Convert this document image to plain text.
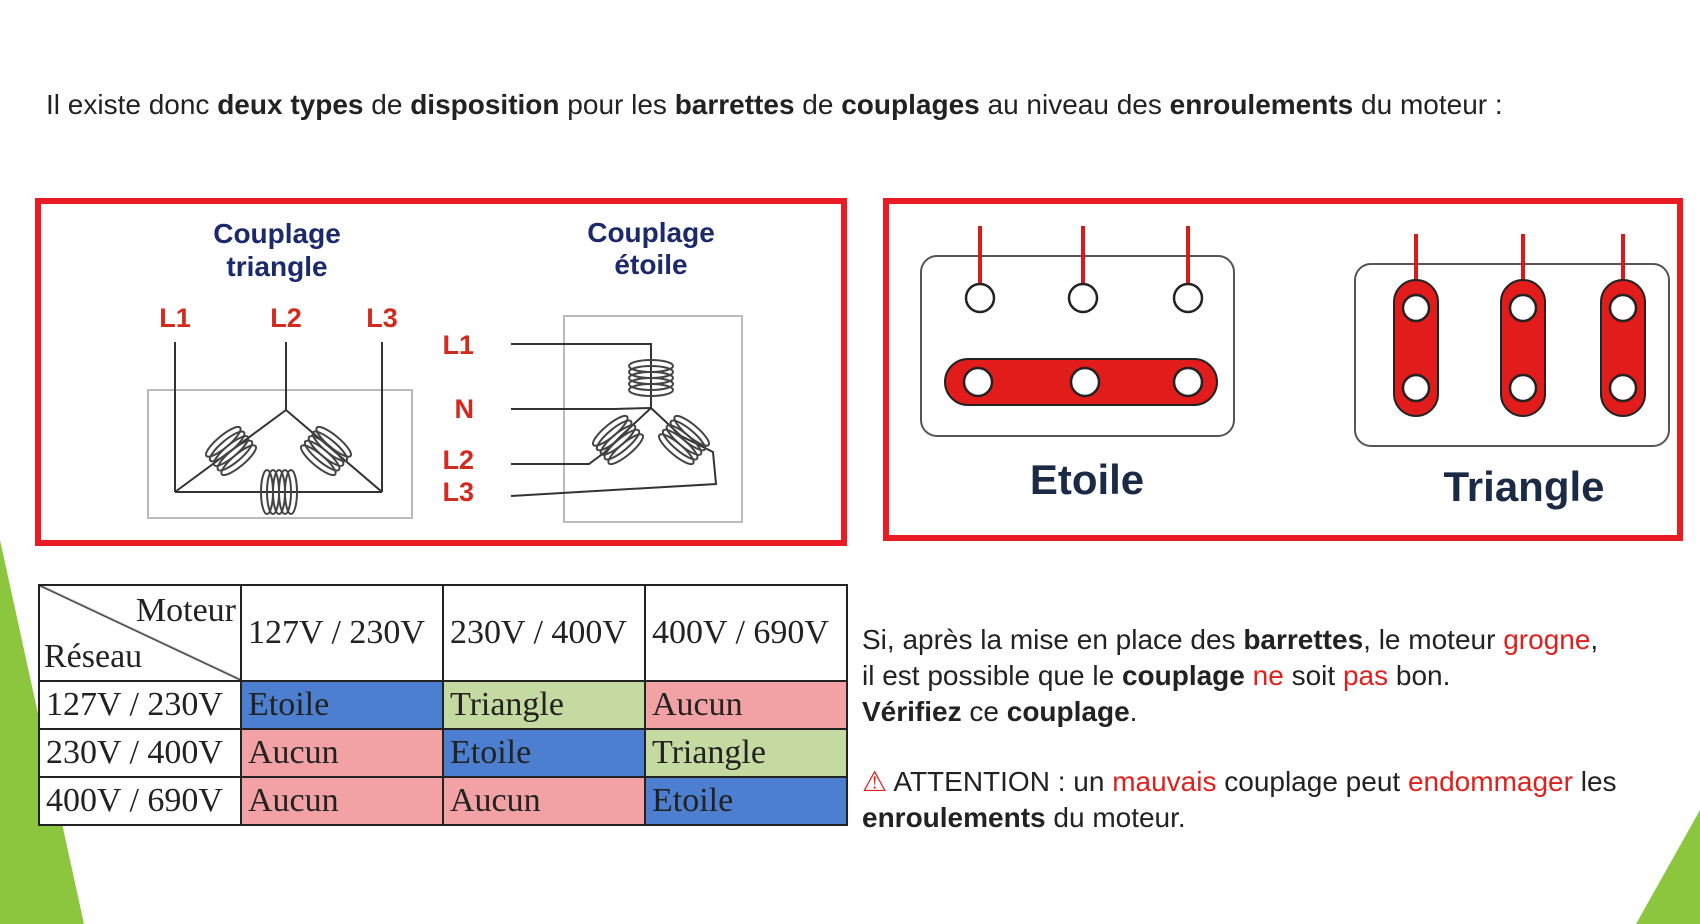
Il existe donc deux types de disposition pour les barrettes de couplages au niveau des enroulements du moteur :
Couplage
triangle
L1	L2 L3
Couplage
étoile
L1
N
L2
L3	Etoile	Triangle
Moteur
Réseau	127V / 230V	230V / 400V	400V / 690V
127V / 230V	Etoile	Triangle	Aucun
230V / 400V	Aucun	Etoile	Triangle
400V / 690V	Aucun	Aucun	Etoile

Si, après la mise en place des barrettes, le moteur grogne,

il est possible que le couplage ne soit pas bon.

Vérifiez ce couplage.

⚠ ATTENTION : un mauvais couplage peut endommager les

enroulements du moteur.
